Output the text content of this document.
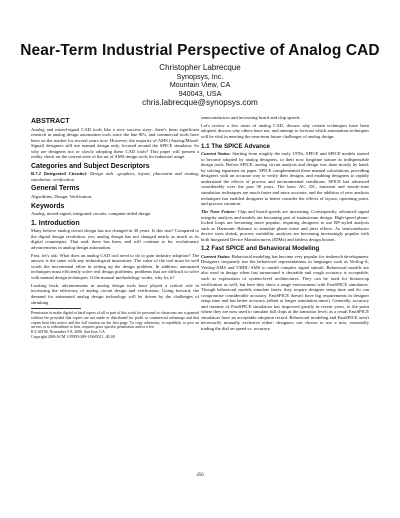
Near-Term Industrial Perspective of Analog CAD
Christopher Labrecque
Synopsys, Inc.
Mountain View, CA
940043, USA
chris.labrecque@synopsys.com
ABSTRACT

Analog and mixed-signal CAD tools like a nice success story: there's been significant research in analog design automation tools since the late 80's, and commercial tools have been on the market for several years now. However, the majority of AMS (Analog/Mixed-Signal) designers still use manual design only, focused around the SPICE simulator. So why are designers not or slowly adopting these CAD tools? This paper will present a reality check on the current state of the art of AMS design tools for industrial usage.

Categories and Subject Descriptors

B.7.2 [Integrated Circuits]: Design aids –graphics, layout, placement and routing, simulation, verification

General Terms

Algorithms, Design, Verification.

Keywords

Analog, mixed-signal, integrated circuits, computer-aided design

1. Introduction

Many believe analog circuit design has not changed in 30 years. Is this true? Compared to the digital design revolution, yes; analog design has not changed nearly as much as its digital counterpart. That said, there has been, and will continue to be, evolutionary advancements in analog design automation.

First, let's ask: What does an analog CAD tool need to do to gain industry adoption? The answer is the same with any technological innovation: The value of the tool must be well worth the incremental effort in setting up the design problem. In addition, automated techniques must efficiently solve real design problems, problems that are difficult to solve with manual design techniques. If the manual methodology works, why fix it?

Looking back, advancements in analog design tools have played a critical role in increasing the efficiency of analog circuit design and verification. Going forward, the demand for automated analog design technology will be driven by the challenges of shrinking

Permission to make digital or hard copies of all or part of this work for personal or classroom use is granted without fee provided that copies are not made or distributed for profit or commercial advantage and that copies bear this notice and the full citation on the first page. To copy otherwise, to republish, to post on servers or to redistribute to lists, requires prior specific permission and/or a fee.
ICCAD'06, November 5-9, 2006, San Jose, CA
Copyright 2006 ACM 1-59593-389-1/06/0011...$5.00

semiconductors and increasing board and chip speeds.

Let's review a few areas of analog CAD, discuss why certain techniques have been adopted, discuss why others have not, and attempt to forecast which automation techniques will be vital in meeting the near-term future challenges of analog design.

1.1 The SPICE Advance

Current Status: Starting from roughly the early 1970s, SPICE and SPICE models started to become adopted by analog designers, to their now longtime stature as indispensable design tools. Before SPICE, analog circuit analysis and design was done mostly by hand, by solving equations on paper. SPICE complemented these manual calculations, providing designers with an accurate way to verify their designs, and enabling designers to rapidly understand the effects of process and environmental conditions. SPICE has advanced considerably over the past 30 years. The basic AC, DC, transient and steady-state simulation techniques are much faster and more accurate, and the addition of new analysis techniques has enabled designers to better consider the effects of layout, operating point, and process variation.

The Near Future: Chip and board speeds are increasing. Consequently, advanced signal integrity analysis and models are becoming part of mainstream design. High-speed phase-locked loops are becoming more popular, requiring designers to use RF-styled analysis such as Harmonic Balance to simulate phase noise and jitter effects. As semiconductor device sizes shrink, process variability analyses are becoming increasingly popular with both Integrated Device Manufacturers (IDMs) and fabless design houses.

1.2 Fast SPICE and Behavioral Modeling

Current Status: Behavioral modeling has become very popular for testbench development. Designers frequently use the behavioral representations in languages such as Verilog-A, Verilog-AMS and VHDL-AMS to model complex signal stimuli. Behavioral models are also used in design when fast turnaround is desirable and rough accuracy is acceptable, such as exploration of system-level architectures. They can be used for bottom-up verification as well, but here they show a range environment with FastSPICE simulators. Though behavioral models simulate faster, they require designer setup time and do can compromise considerable accuracy. FastSPICE doesn't have big requirements in designer setup time and has better accuracy (albeit at longer simulation times). Generally, accuracy and runtime of FastSPICE simulators has improved greatly in recent years, to the point where they are now used to simulate full chips at the transistor level; as a result FastSPICE simulators have an acceptable adoption record. Behavioral modeling and FastSPICE aren't necessarily mutually exclusive either: designers can choose to use a mix, essentially trading the dial on speed vs. accuracy.

456
